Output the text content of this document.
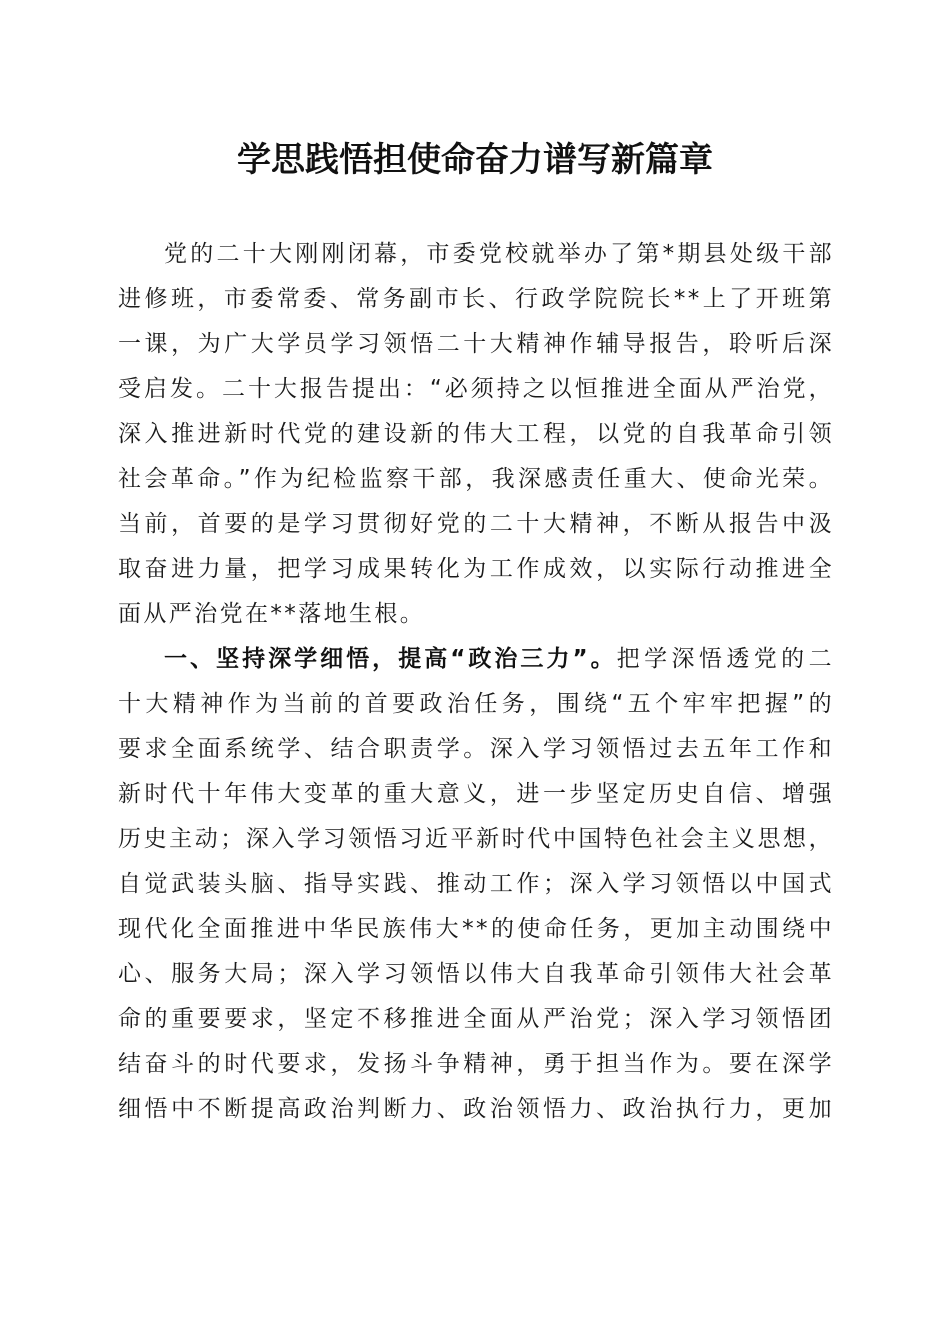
学思践悟担使命奋力谱写新篇章
党的二十大刚刚闭幕，市委党校就举办了第*期县处级干部
进修班，市委常委、常务副市长、行政学院院长**上了开班第
一课，为广大学员学习领悟二十大精神作辅导报告，聆听后深
受启发。二十大报告提出：“必须持之以恒推进全面从严治党，
深入推进新时代党的建设新的伟大工程，以党的自我革命引领
社会革命。”作为纪检监察干部，我深感责任重大、使命光荣。
当前，首要的是学习贯彻好党的二十大精神，不断从报告中汲
取奋进力量，把学习成果转化为工作成效，以实际行动推进全
面从严治党在**落地生根。
一、坚持深学细悟，提高“政治三力”。把学深悟透党的二
十大精神作为当前的首要政治任务，围绕“五个牢牢把握”的
要求全面系统学、结合职责学。深入学习领悟过去五年工作和
新时代十年伟大变革的重大意义，进一步坚定历史自信、增强
历史主动；深入学习领悟习近平新时代中国特色社会主义思想，
自觉武装头脑、指导实践、推动工作；深入学习领悟以中国式
现代化全面推进中华民族伟大**的使命任务，更加主动围绕中
心、服务大局；深入学习领悟以伟大自我革命引领伟大社会革
命的重要要求，坚定不移推进全面从严治党；深入学习领悟团
结奋斗的时代要求，发扬斗争精神，勇于担当作为。要在深学
细悟中不断提高政治判断力、政治领悟力、政治执行力，更加
